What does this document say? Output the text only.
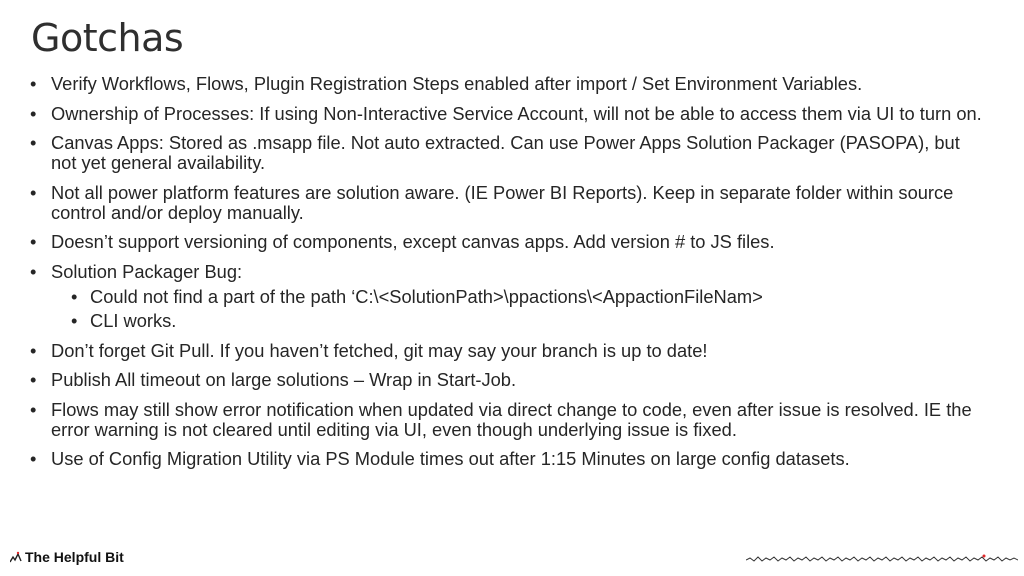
Gotchas
• Verify Workflows, Flows, Plugin Registration Steps enabled after import / Set Environment Variables.
• Ownership of Processes: If using Non-Interactive Service Account, will not be able to access them via UI to turn on.
• Canvas Apps: Stored as .msapp file. Not auto extracted. Can use Power Apps Solution Packager (PASOPA), but not yet general availability.
• Not all power platform features are solution aware. (IE Power BI Reports). Keep in separate folder within source control and/or deploy manually.
• Doesn’t support versioning of components, except canvas apps. Add version # to JS files.
• Solution Packager Bug:
• Could not find a part of the path ‘C:\<SolutionPath>\ppactions\<AppactionFileNam>
• CLI works.
• Don’t forget Git Pull. If you haven’t fetched, git may say your branch is up to date!
• Publish All timeout on large solutions – Wrap in Start-Job.
• Flows may still show error notification when updated via direct change to code, even after issue is resolved. IE the error warning is not cleared until editing via UI, even though underlying issue is fixed.
• Use of Config Migration Utility via PS Module times out after 1:15 Minutes on large config datasets.
The Helpful Bit
